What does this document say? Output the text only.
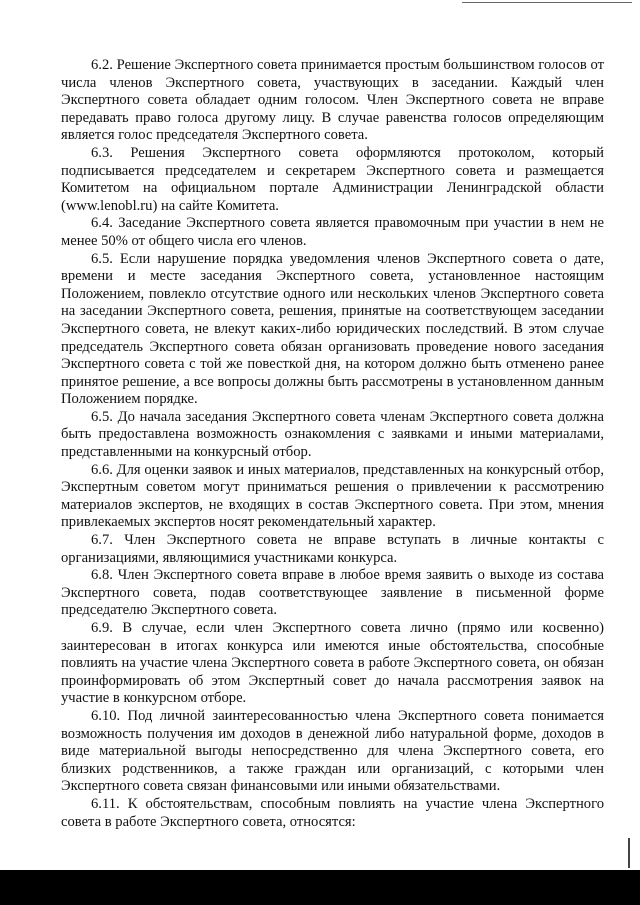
6.2. Решение Экспертного совета принимается простым большинством голосов от числа членов Экспертного совета, участвующих в заседании. Каждый член Экспертного совета обладает одним голосом. Член Экспертного совета не вправе передавать право голоса другому лицу. В случае равенства голосов определяющим является голос председателя Экспертного совета.

6.3. Решения Экспертного совета оформляются протоколом, который подписывается председателем и секретарем Экспертного совета и размещается Комитетом на официальном портале Администрации Ленинградской области (www.lenobl.ru) на сайте Комитета.

6.4. Заседание Экспертного совета является правомочным при участии в нем не менее 50% от общего числа его членов.

6.5. Если нарушение порядка уведомления членов Экспертного совета о дате, времени и месте заседания Экспертного совета, установленное настоящим Положением, повлекло отсутствие одного или нескольких членов Экспертного совета на заседании Экспертного совета, решения, принятые на соответствующем заседании Экспертного совета, не влекут каких-либо юридических последствий. В этом случае председатель Экспертного совета обязан организовать проведение нового заседания Экспертного совета с той же повесткой дня, на котором должно быть отменено ранее принятое решение, а все вопросы должны быть рассмотрены в установленном данным Положением порядке.

6.5. До начала заседания Экспертного совета членам Экспертного совета должна быть предоставлена возможность ознакомления с заявками и иными материалами, представленными на конкурсный отбор.

6.6. Для оценки заявок и иных материалов, представленных на конкурсный отбор, Экспертным советом могут приниматься решения о привлечении к рассмотрению материалов экспертов, не входящих в состав Экспертного совета. При этом, мнения привлекаемых экспертов носят рекомендательный характер.

6.7. Член Экспертного совета не вправе вступать в личные контакты с организациями, являющимися участниками конкурса.

6.8. Член Экспертного совета вправе в любое время заявить о выходе из состава Экспертного совета, подав соответствующее заявление в письменной форме председателю Экспертного совета.

6.9. В случае, если член Экспертного совета лично (прямо или косвенно) заинтересован в итогах конкурса или имеются иные обстоятельства, способные повлиять на участие члена Экспертного совета в работе Экспертного совета, он обязан проинформировать об этом Экспертный совет до начала рассмотрения заявок на участие в конкурсном отборе.

6.10. Под личной заинтересованностью члена Экспертного совета понимается возможность получения им доходов в денежной либо натуральной форме, доходов в виде материальной выгоды непосредственно для члена Экспертного совета, его близких родственников, а также граждан или организаций, с которыми член Экспертного совета связан финансовыми или иными обязательствами.

6.11. К обстоятельствам, способным повлиять на участие члена Экспертного совета в работе Экспертного совета, относятся:
